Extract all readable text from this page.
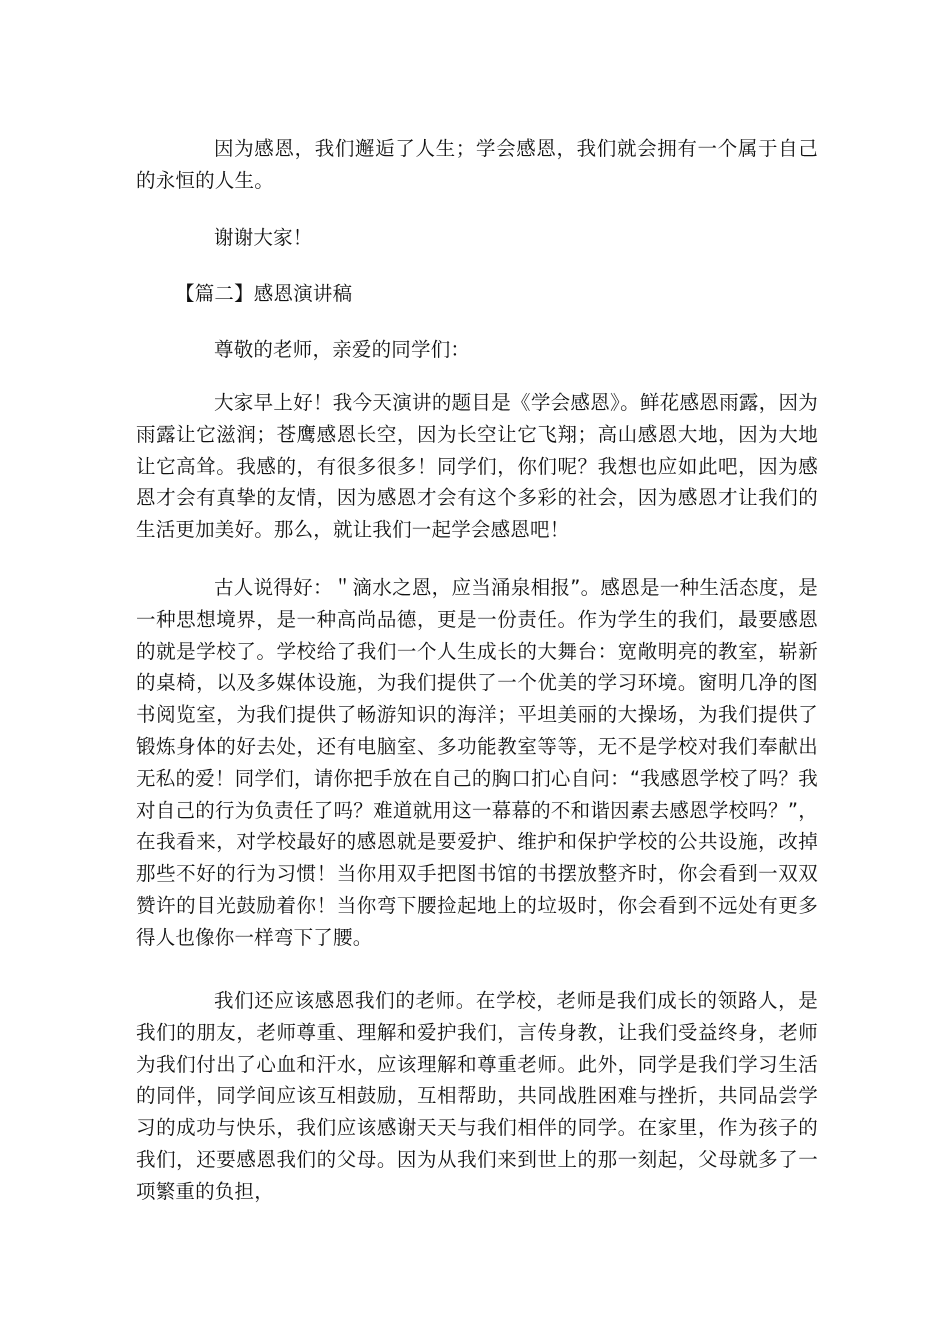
因为感恩，我们邂逅了人生；学会感恩，我们就会拥有一个属于自己的永恒的人生。

谢谢大家！

【篇二】感恩演讲稿

尊敬的老师，亲爱的同学们：

大家早上好！我今天演讲的题目是《学会感恩》。鲜花感恩雨露，因为雨露让它滋润；苍鹰感恩长空，因为长空让它飞翔；高山感恩大地，因为大地让它高耸。我感的，有很多很多！同学们，你们呢？我想也应如此吧，因为感恩才会有真挚的友情，因为感恩才会有这个多彩的社会，因为感恩才让我们的生活更加美好。那么，就让我们一起学会感恩吧！

古人说得好：＂滴水之恩，应当涌泉相报”。感恩是一种生活态度，是一种思想境界，是一种高尚品德，更是一份责任。作为学生的我们，最要感恩的就是学校了。学校给了我们一个人生成长的大舞台：宽敞明亮的教室，崭新的桌椅，以及多媒体设施，为我们提供了一个优美的学习环境。窗明几净的图书阅览室，为我们提供了畅游知识的海洋；平坦美丽的大操场，为我们提供了锻炼身体的好去处，还有电脑室、多功能教室等等，无不是学校对我们奉献出无私的爱！同学们，请你把手放在自己的胸口扪心自问：“我感恩学校了吗？我对自己的行为负责任了吗？难道就用这一幕幕的不和谐因素去感恩学校吗？”，在我看来，对学校最好的感恩就是要爱护、维护和保护学校的公共设施，改掉那些不好的行为习惯！当你用双手把图书馆的书摆放整齐时，你会看到一双双赞许的目光鼓励着你！当你弯下腰捡起地上的垃圾时，你会看到不远处有更多得人也像你一样弯下了腰。

我们还应该感恩我们的老师。在学校，老师是我们成长的领路人，是我们的朋友，老师尊重、理解和爱护我们，言传身教，让我们受益终身，老师为我们付出了心血和汗水，应该理解和尊重老师。此外，同学是我们学习生活的同伴，同学间应该互相鼓励，互相帮助，共同战胜困难与挫折，共同品尝学习的成功与快乐，我们应该感谢天天与我们相伴的同学。在家里，作为孩子的我们，还要感恩我们的父母。因为从我们来到世上的那一刻起，父母就多了一项繁重的负担，
